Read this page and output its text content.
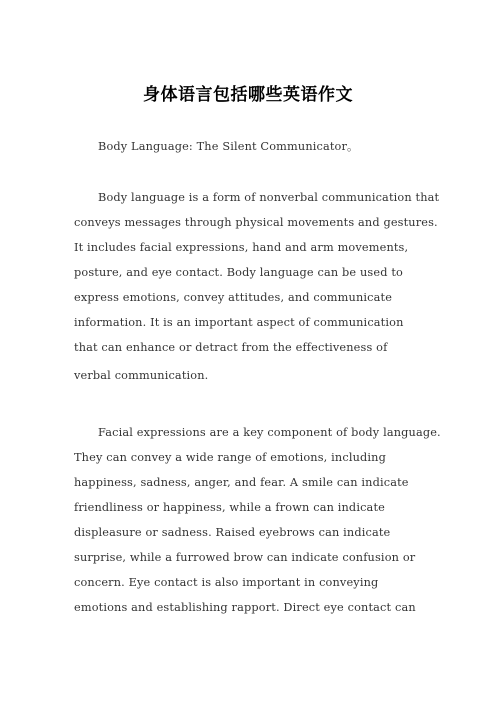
身体语言包括哪些英语作文
Body Language: The Silent Communicator。
Body language is a form of nonverbal communication that
conveys messages through physical movements and gestures.
It includes facial expressions, hand and arm movements,
posture, and eye contact. Body language can be used to
express emotions, convey attitudes, and communicate
information. It is an important aspect of communication
that can enhance or detract from the effectiveness of
verbal communication.
Facial expressions are a key component of body language.
They can convey a wide range of emotions, including
happiness, sadness, anger, and fear. A smile can indicate
friendliness or happiness, while a frown can indicate
displeasure or sadness. Raised eyebrows can indicate
surprise, while a furrowed brow can indicate confusion or
concern. Eye contact is also important in conveying
emotions and establishing rapport. Direct eye contact can
